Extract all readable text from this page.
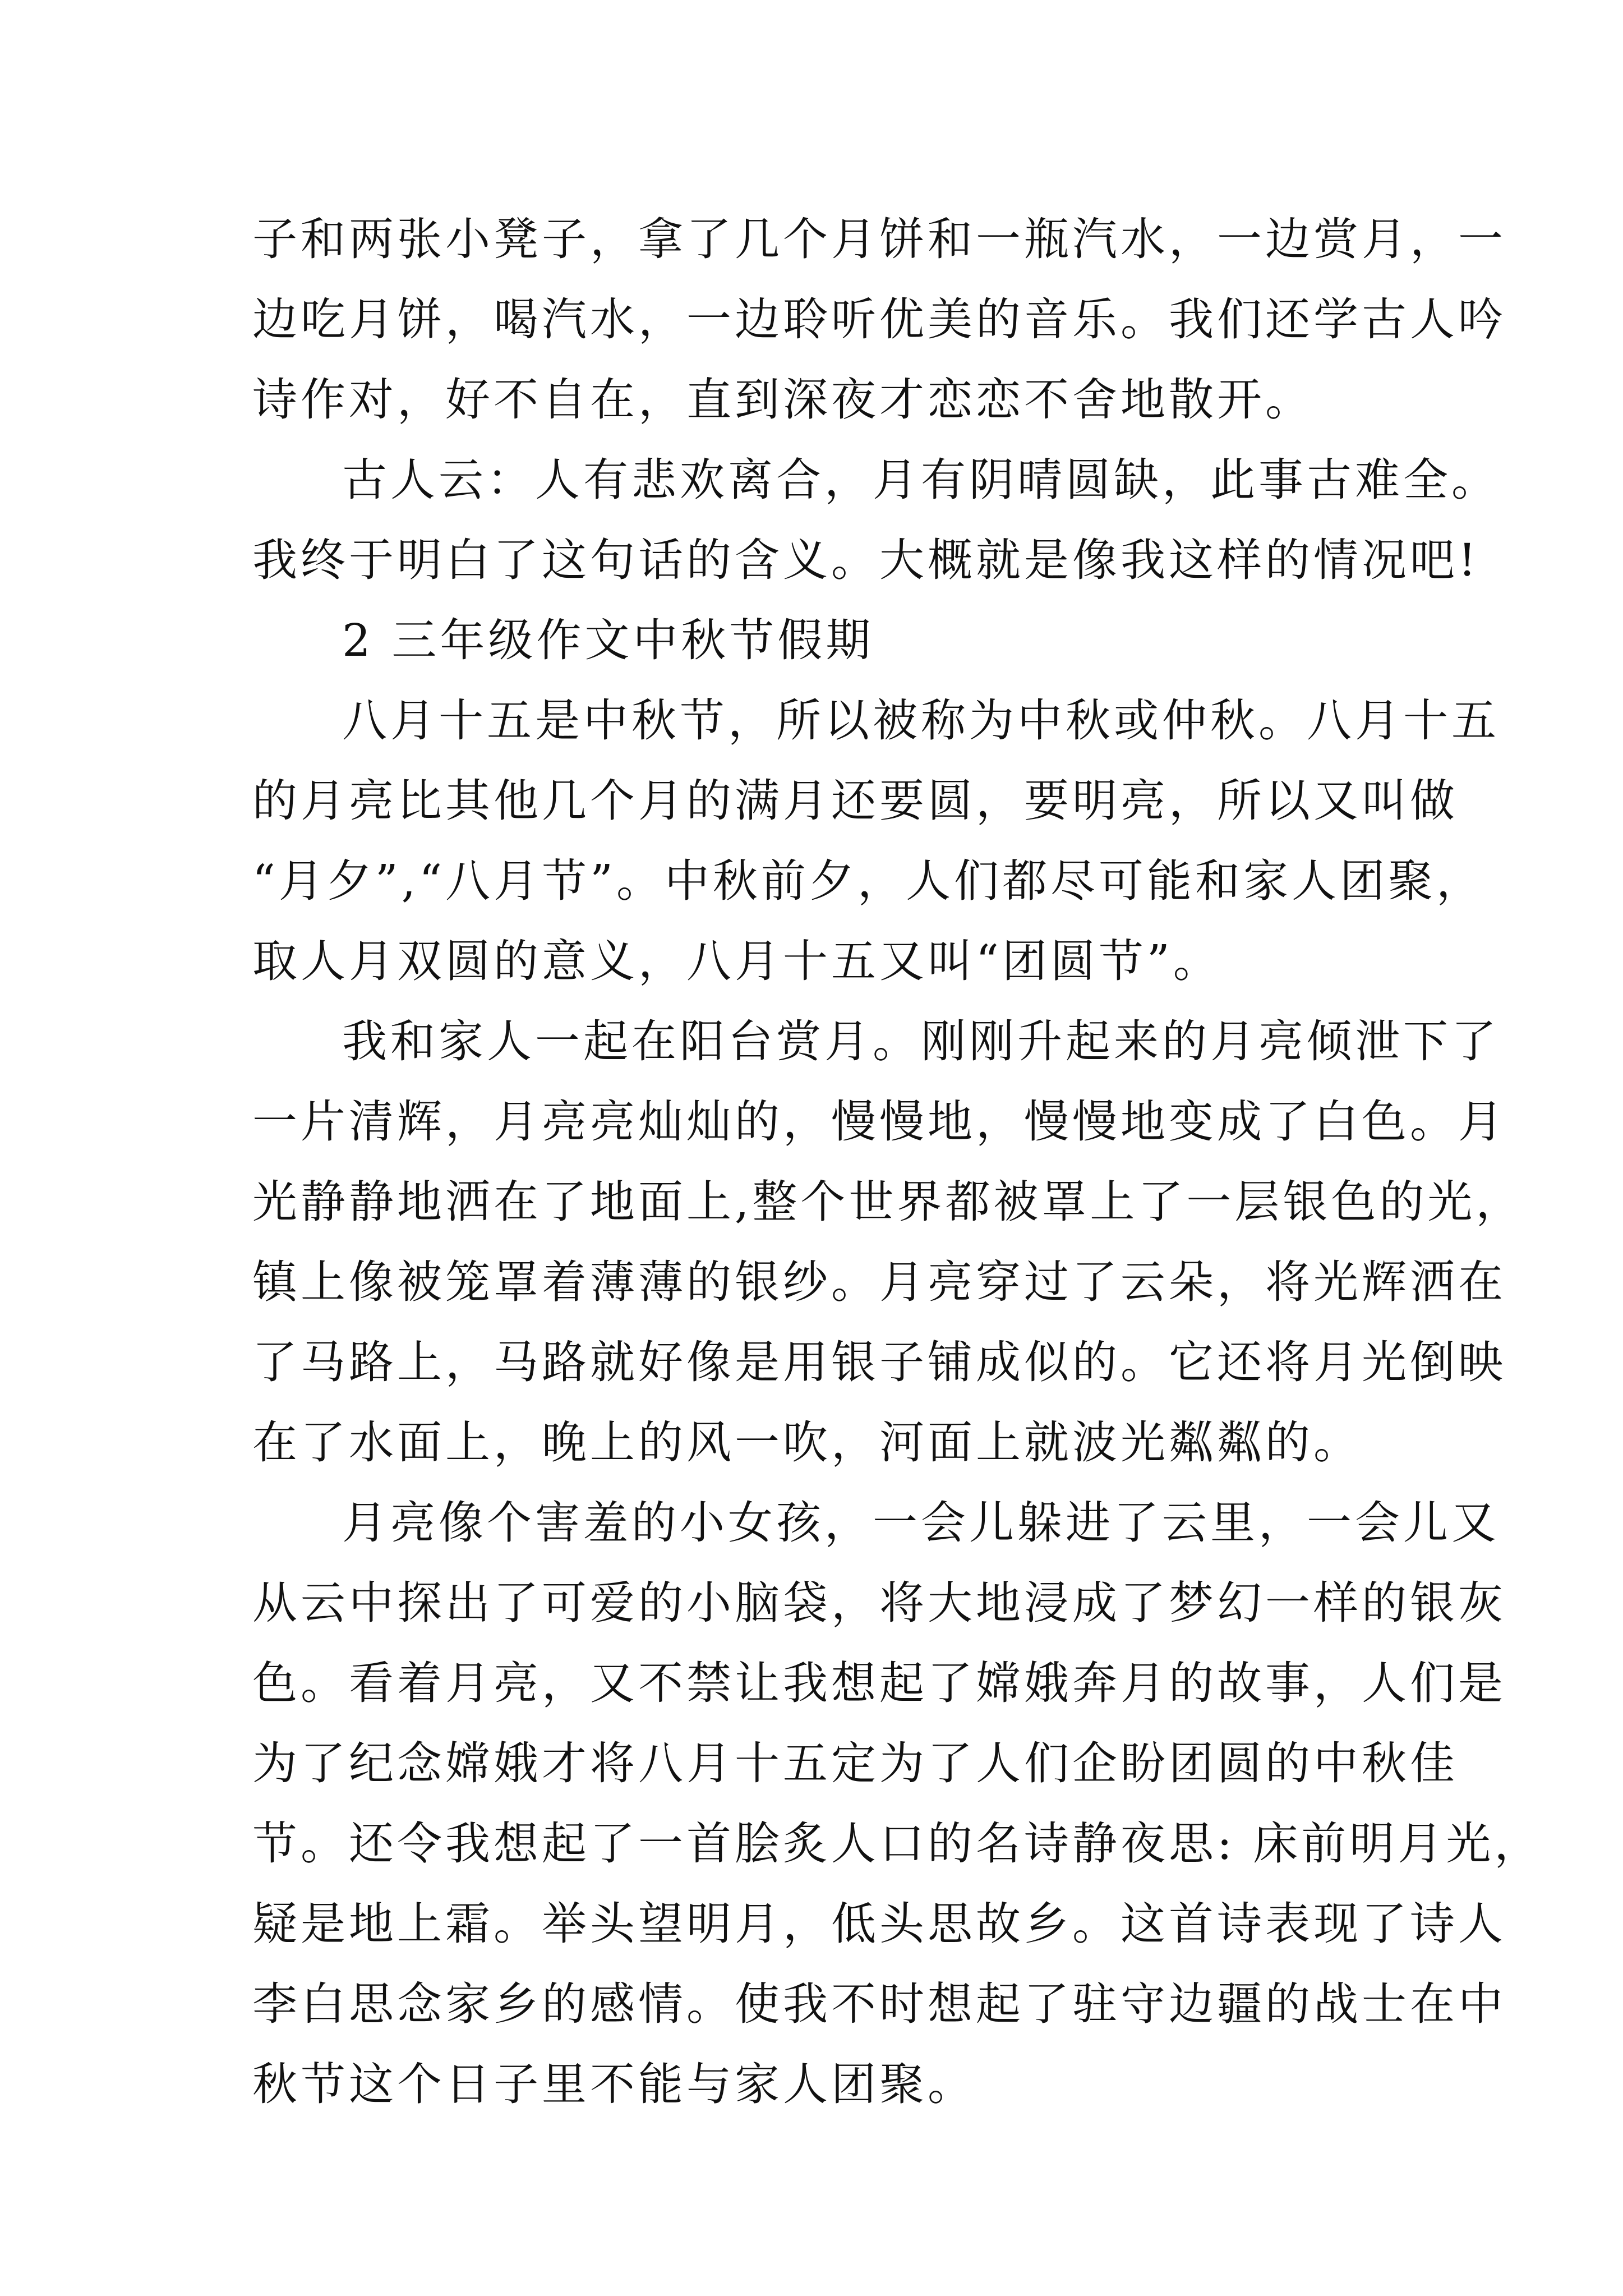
子和两张小凳子，拿了几个月饼和一瓶汽水，一边赏月，一
边吃月饼，喝汽水，一边聆听优美的音乐。我们还学古人吟
诗作对，好不自在，直到深夜才恋恋不舍地散开。
古人云：人有悲欢离合，月有阴晴圆缺，此事古难全。
我终于明白了这句话的含义。大概就是像我这样的情况吧!
2 三年级作文中秋节假期
八月十五是中秋节，所以被称为中秋或仲秋。八月十五
的月亮比其他几个月的满月还要圆，要明亮，所以又叫做
“月夕”,“八月节”。中秋前夕，人们都尽可能和家人团聚，
取人月双圆的意义，八月十五又叫“团圆节”。
我和家人一起在阳台赏月。刚刚升起来的月亮倾泄下了
一片清辉，月亮亮灿灿的，慢慢地，慢慢地变成了白色。月
光静静地洒在了地面上,整个世界都被罩上了一层银色的光，
镇上像被笼罩着薄薄的银纱。月亮穿过了云朵，将光辉洒在
了马路上，马路就好像是用银子铺成似的。它还将月光倒映
在了水面上，晚上的风一吹，河面上就波光粼粼的。
月亮像个害羞的小女孩，一会儿躲进了云里，一会儿又
从云中探出了可爱的小脑袋，将大地浸成了梦幻一样的银灰
色。看着月亮，又不禁让我想起了嫦娥奔月的故事，人们是
为了纪念嫦娥才将八月十五定为了人们企盼团圆的中秋佳
节。还令我想起了一首脍炙人口的名诗静夜思: 床前明月光，
疑是地上霜。举头望明月，低头思故乡。这首诗表现了诗人
李白思念家乡的感情。使我不时想起了驻守边疆的战士在中
秋节这个日子里不能与家人团聚。
